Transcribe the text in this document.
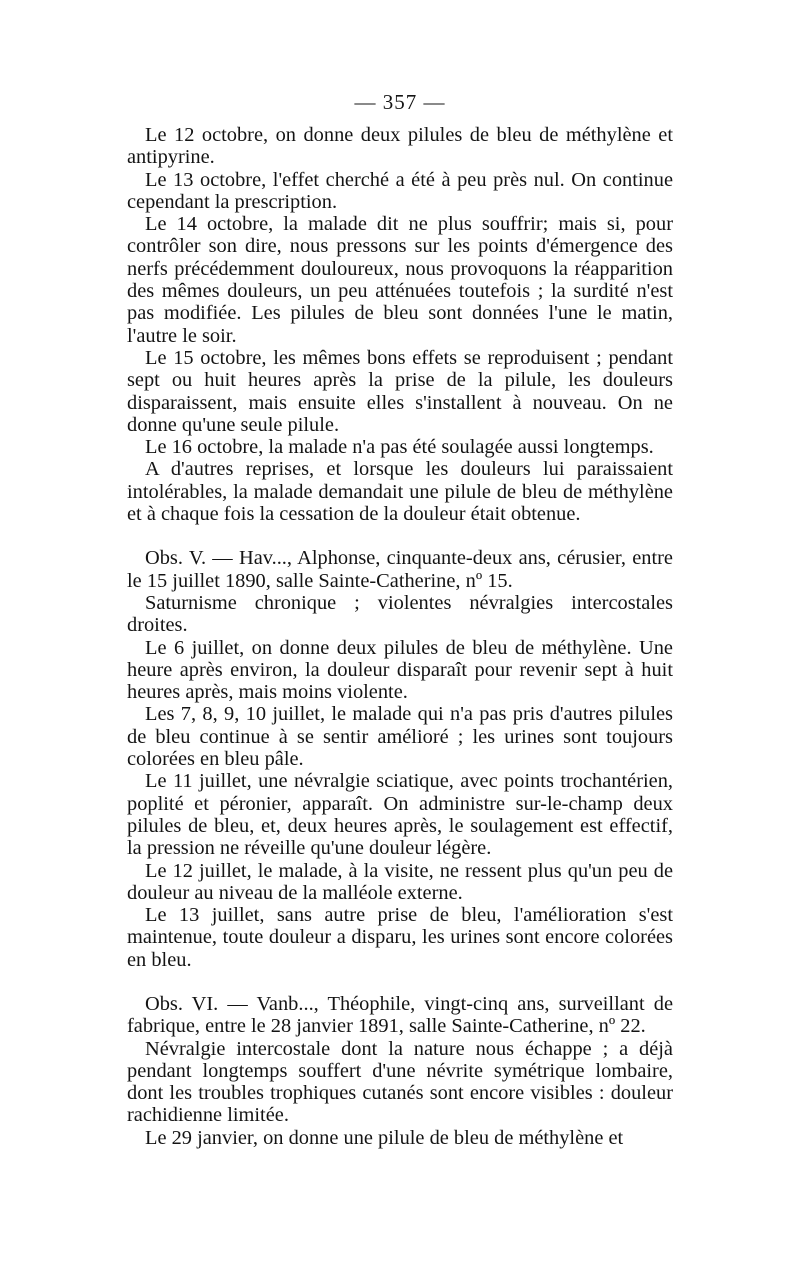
— 357 —

Le 12 octobre, on donne deux pilules de bleu de méthylène et antipyrine.

Le 13 octobre, l'effet cherché a été à peu près nul. On continue cependant la prescription.

Le 14 octobre, la malade dit ne plus souffrir; mais si, pour contrôler son dire, nous pressons sur les points d'émergence des nerfs précédemment douloureux, nous provoquons la réapparition des mêmes douleurs, un peu atténuées toutefois ; la surdité n'est pas modifiée. Les pilules de bleu sont données l'une le matin, l'autre le soir.

Le 15 octobre, les mêmes bons effets se reproduisent ; pendant sept ou huit heures après la prise de la pilule, les douleurs disparaissent, mais ensuite elles s'installent à nouveau. On ne donne qu'une seule pilule.

Le 16 octobre, la malade n'a pas été soulagée aussi longtemps.

A d'autres reprises, et lorsque les douleurs lui paraissaient intolérables, la malade demandait une pilule de bleu de méthylène et à chaque fois la cessation de la douleur était obtenue.

Obs. V. — Hav..., Alphonse, cinquante-deux ans, cérusier, entre le 15 juillet 1890, salle Sainte-Catherine, nº 15.

Saturnisme chronique ; violentes névralgies intercostales droites.

Le 6 juillet, on donne deux pilules de bleu de méthylène. Une heure après environ, la douleur disparaît pour revenir sept à huit heures après, mais moins violente.

Les 7, 8, 9, 10 juillet, le malade qui n'a pas pris d'autres pilules de bleu continue à se sentir amélioré ; les urines sont toujours colorées en bleu pâle.

Le 11 juillet, une névralgie sciatique, avec points trochantérien, poplité et péronier, apparaît. On administre sur-le-champ deux pilules de bleu, et, deux heures après, le soulagement est effectif, la pression ne réveille qu'une douleur légère.

Le 12 juillet, le malade, à la visite, ne ressent plus qu'un peu de douleur au niveau de la malléole externe.

Le 13 juillet, sans autre prise de bleu, l'amélioration s'est maintenue, toute douleur a disparu, les urines sont encore colorées en bleu.

Obs. VI. — Vanb..., Théophile, vingt-cinq ans, surveillant de fabrique, entre le 28 janvier 1891, salle Sainte-Catherine, nº 22.

Névralgie intercostale dont la nature nous échappe ; a déjà pendant longtemps souffert d'une névrite symétrique lombaire, dont les troubles trophiques cutanés sont encore visibles : douleur rachidienne limitée.

Le 29 janvier, on donne une pilule de bleu de méthylène et
